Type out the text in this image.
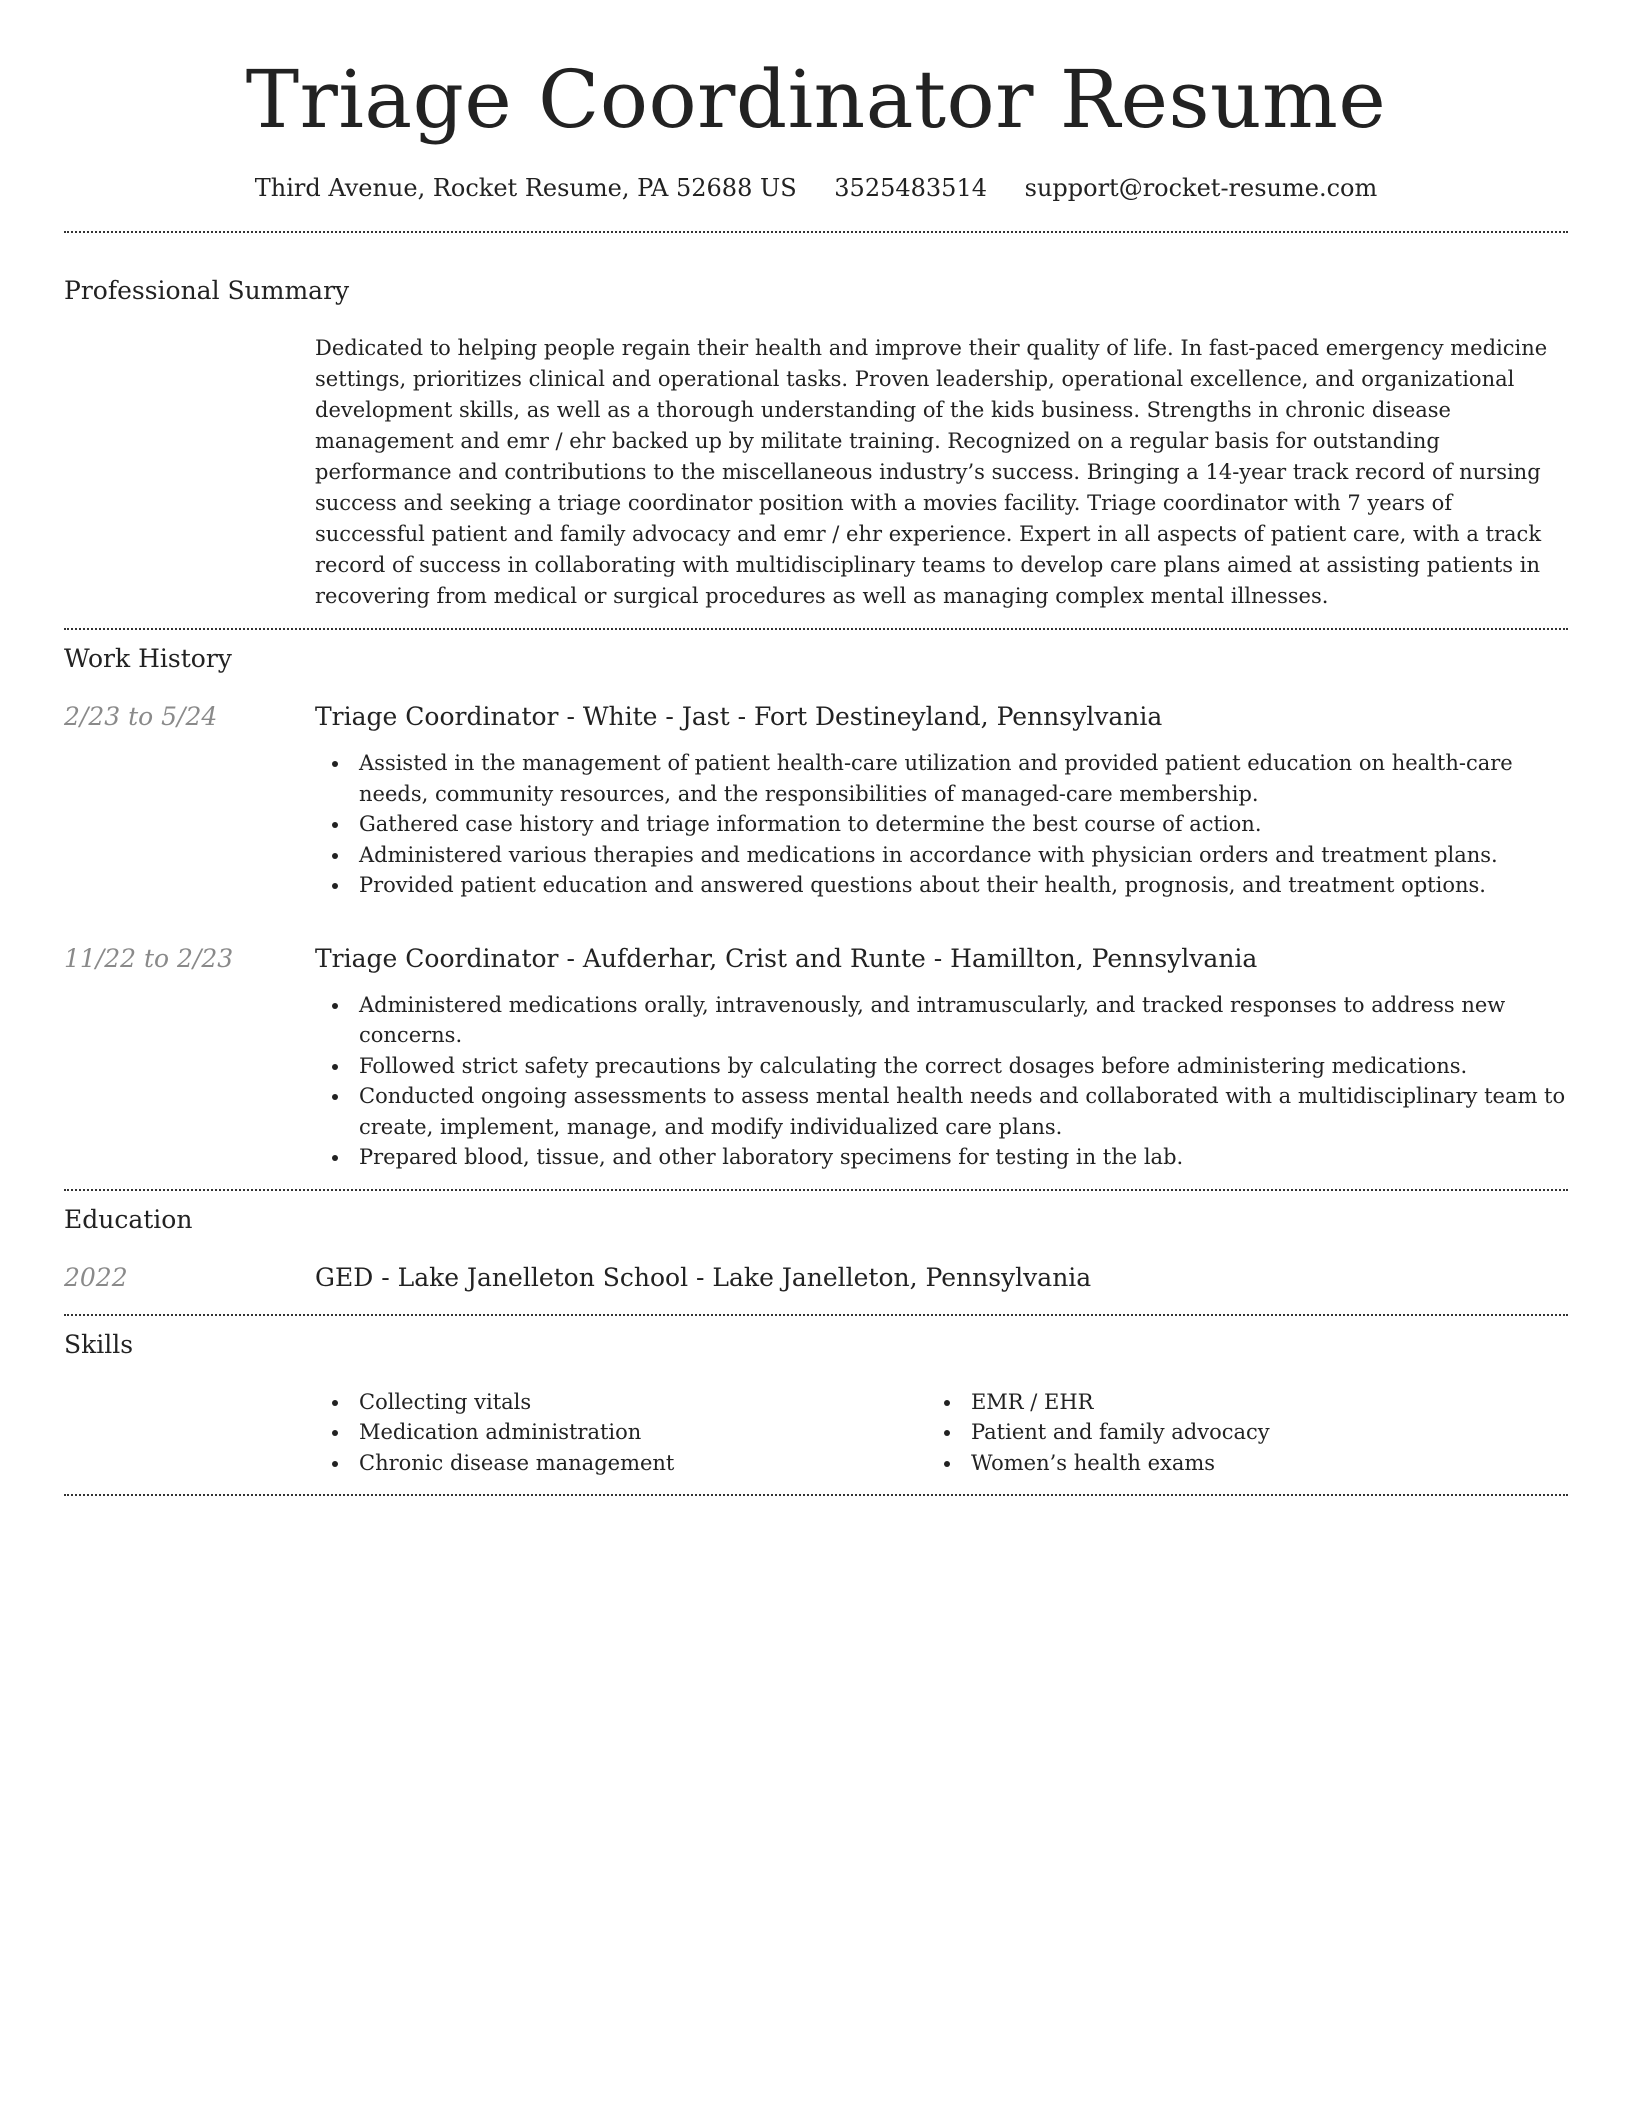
Triage Coordinator Resume
Third Avenue, Rocket Resume, PA 52688 US 3525483514 support@rocket-resume.com
Professional Summary
Dedicated to helping people regain their health and improve their quality of life. In fast-paced emergency medicine settings, prioritizes clinical and operational tasks. Proven leadership, operational excellence, and organizational development skills, as well as a thorough understanding of the kids business. Strengths in chronic disease management and emr / ehr backed up by militate training. Recognized on a regular basis for outstanding performance and contributions to the miscellaneous industry’s success. Bringing a 14-year track record of nursing success and seeking a triage coordinator position with a movies facility. Triage coordinator with 7 years of successful patient and family advocacy and emr / ehr experience. Expert in all aspects of patient care, with a track record of success in collaborating with multidisciplinary teams to develop care plans aimed at assisting patients in recovering from medical or surgical procedures as well as managing complex mental illnesses.
Work History
2/23 to 5/24	Triage Coordinator - White - Jast - Fort Destineyland, Pennsylvania
Assisted in the management of patient health-care utilization and provided patient education on health-care needs, community resources, and the responsibilities of managed-care membership.
Gathered case history and triage information to determine the best course of action.
Administered various therapies and medications in accordance with physician orders and treatment plans.
Provided patient education and answered questions about their health, prognosis, and treatment options.
11/22 to 2/23	Triage Coordinator - Aufderhar, Crist and Runte - Hamillton, Pennsylvania
Administered medications orally, intravenously, and intramuscularly, and tracked responses to address new concerns.
Followed strict safety precautions by calculating the correct dosages before administering medications.
Conducted ongoing assessments to assess mental health needs and collaborated with a multidisciplinary team to create, implement, manage, and modify individualized care plans.
Prepared blood, tissue, and other laboratory specimens for testing in the lab.
Education
2022	GED - Lake Janelleton School - Lake Janelleton, Pennsylvania
Skills
Collecting vitals
Medication administration
Chronic disease management
EMR / EHR
Patient and family advocacy
Women’s health exams
